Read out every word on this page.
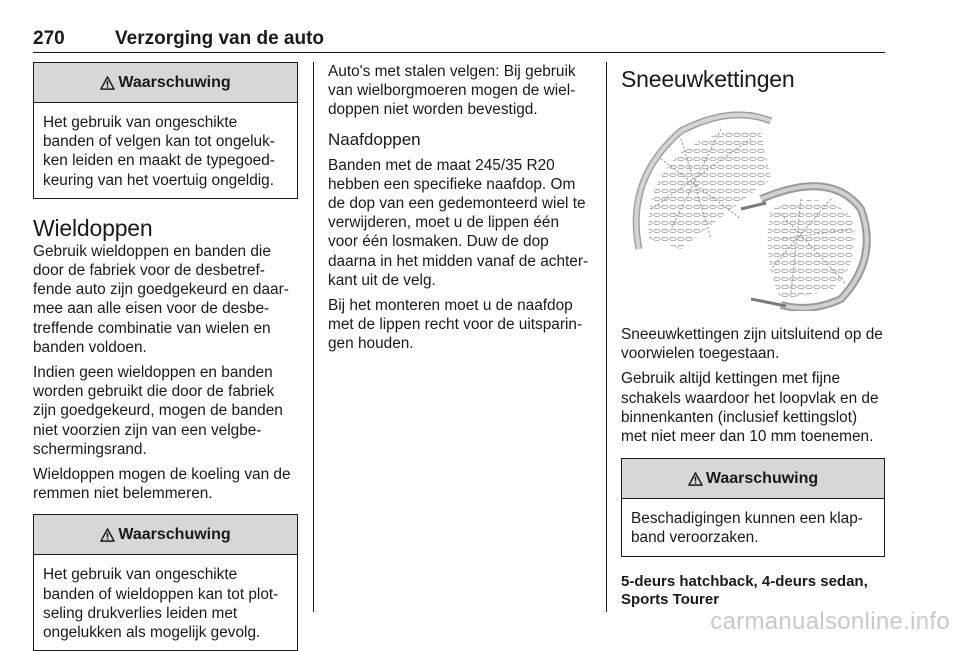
270	Verzorging van de auto
Waarschuwing
Het gebruik van ongeschikte banden of velgen kan tot ongeluk-ken leiden en maakt de typegoed-keuring van het voertuig ongeldig.
Wieldoppen

Gebruik wieldoppen en banden die door de fabriek voor de desbetref-fende auto zijn goedgekeurd en daar-mee aan alle eisen voor de desbe-treffende combinatie van wielen en banden voldoen.

Indien geen wieldoppen en banden worden gebruikt die door de fabriek zijn goedgekeurd, mogen de banden niet voorzien zijn van een velgbe-schermingsrand.

Wieldoppen mogen de koeling van de remmen niet belemmeren.

Waarschuwing
Het gebruik van ongeschikte banden of wieldoppen kan tot plot-seling drukverlies leiden met ongelukken als mogelijk gevolg.

Auto's met stalen velgen: Bij gebruik van wielborgmoeren mogen de wiel-doppen niet worden bevestigd.

Naafdoppen

Banden met de maat 245/35 R20 hebben een specifieke naafdop. Om de dop van een gedemonteerd wiel te verwijderen, moet u de lippen één voor één losmaken. Duw de dop daarna in het midden vanaf de achter-kant uit de velg.

Bij het monteren moet u de naafdop met de lippen recht voor de uitsparin-gen houden.

Sneeuwkettingen

Sneeuwkettingen zijn uitsluitend op de voorwielen toegestaan.

Gebruik altijd kettingen met fijne schakels waardoor het loopvlak en de binnenkanten (inclusief kettingslot) met niet meer dan 10 mm toenemen.

Waarschuwing
Beschadigingen kunnen een klap-band veroorzaken.

5-deurs hatchback, 4-deurs sedan, Sports Tourer

carmanualsonline.info
